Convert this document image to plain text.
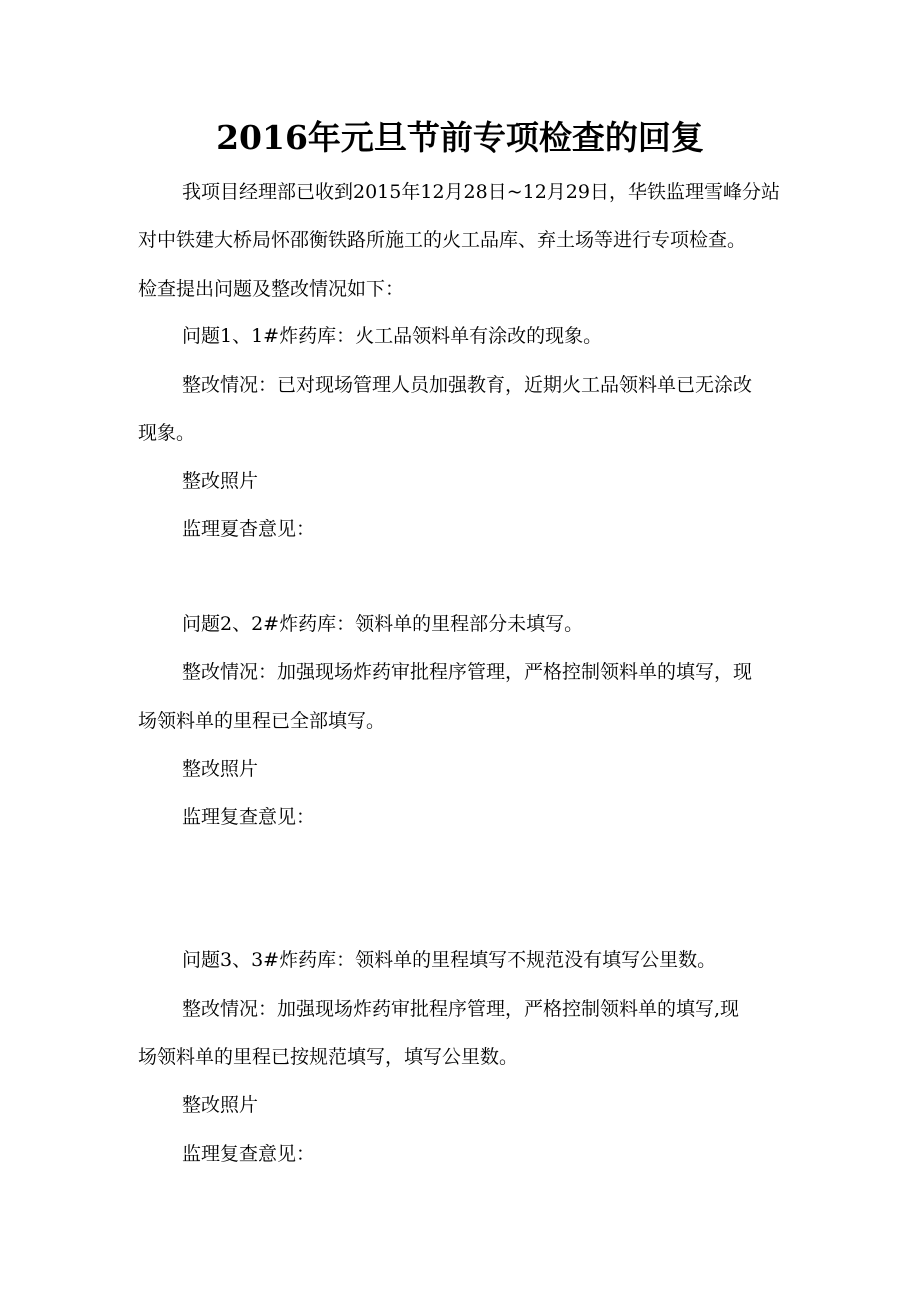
2016年元旦节前专项检查的回复
我项目经理部已收到2015年12月28日~12月29日，华铁监理雪峰分站
对中铁建大桥局怀邵衡铁路所施工的火工品库、弃土场等进行专项检查。
检查提出问题及整改情况如下：
问题1、1#炸药库：火工品领料单有涂改的现象。
整改情况：已对现场管理人员加强教育，近期火工品领料单已无涂改
现象。
整改照片
监理夏杳意见：
问题2、2#炸药库：领料单的里程部分未填写。
整改情况：加强现场炸药审批程序管理，严格控制领料单的填写，现
场领料单的里程已全部填写。
整改照片
监理复查意见：
问题3、3#炸药库：领料单的里程填写不规范没有填写公里数。
整改情况：加强现场炸药审批程序管理，严格控制领料单的填写,现
场领料单的里程已按规范填写，填写公里数。
整改照片
监理复查意见：
